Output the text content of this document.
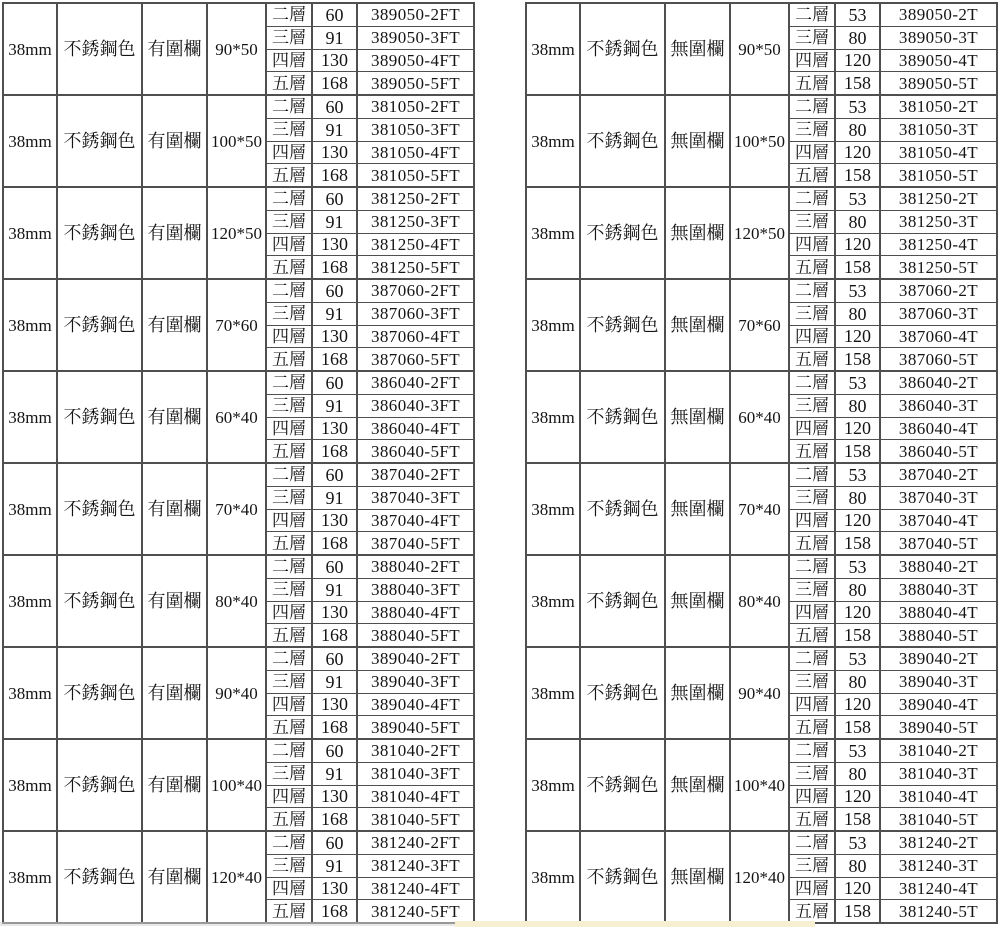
38mm 不銹鋼色 有圍欄 90*50
二層	60	389050-2FT
三層	91	389050-3FT
四層 130	389050-4FT
五層 168	389050-5FT
38mm 不銹鋼色 有圍欄 100*50
二層	60	381050-2FT
三層	91	381050-3FT
四層 130	381050-4FT
五層 168	381050-5FT
38mm 不銹鋼色 有圍欄 120*50
二層	60	381250-2FT
三層	91	381250-3FT
四層 130	381250-4FT
五層 168	381250-5FT
38mm 不銹鋼色 有圍欄 70*60
二層	60	387060-2FT
三層	91	387060-3FT
四層 130	387060-4FT
五層 168	387060-5FT
38mm 不銹鋼色 有圍欄 60*40
二層	60	386040-2FT
三層	91	386040-3FT
四層 130	386040-4FT
五層 168	386040-5FT
38mm 不銹鋼色 有圍欄 70*40
二層	60	387040-2FT
三層	91	387040-3FT
四層 130	387040-4FT
五層 168	387040-5FT
38mm 不銹鋼色 有圍欄 80*40
二層	60	388040-2FT
三層	91	388040-3FT
四層 130	388040-4FT
五層 168	388040-5FT
38mm 不銹鋼色 有圍欄 90*40
二層	60	389040-2FT
三層	91	389040-3FT
四層 130	389040-4FT
五層 168	389040-5FT
38mm 不銹鋼色 有圍欄 100*40
二層	60	381040-2FT
三層	91	381040-3FT
四層 130	381040-4FT
五層 168	381040-5FT
38mm 不銹鋼色 有圍欄 120*40
二層	60	381240-2FT
三層	91	381240-3FT
四層 130	381240-4FT
五層 168	381240-5FT
38mm 不銹鋼色 無圍欄 90*50
二層	53	389050-2T
三層	80	389050-3T
四層 120	389050-4T
五層 158	389050-5T
38mm 不銹鋼色 無圍欄 100*50
二層	53	381050-2T
三層	80	381050-3T
四層 120	381050-4T
五層 158	381050-5T
38mm 不銹鋼色 無圍欄 120*50
二層	53	381250-2T
三層	80	381250-3T
四層 120	381250-4T
五層 158	381250-5T
38mm 不銹鋼色 無圍欄 70*60
二層	53	387060-2T
三層	80	387060-3T
四層 120	387060-4T
五層 158	387060-5T
38mm 不銹鋼色 無圍欄 60*40
二層	53	386040-2T
三層	80	386040-3T
四層 120	386040-4T
五層 158	386040-5T
38mm 不銹鋼色 無圍欄 70*40
二層	53	387040-2T
三層	80	387040-3T
四層 120	387040-4T
五層 158	387040-5T
38mm 不銹鋼色 無圍欄 80*40
二層	53	388040-2T
三層	80	388040-3T
四層 120	388040-4T
五層 158	388040-5T
38mm 不銹鋼色 無圍欄 90*40
二層	53	389040-2T
三層	80	389040-3T
四層 120	389040-4T
五層 158	389040-5T
38mm 不銹鋼色 無圍欄 100*40
二層	53	381040-2T
三層	80	381040-3T
四層 120	381040-4T
五層 158	381040-5T
38mm 不銹鋼色 無圍欄 120*40
二層	53	381240-2T
三層	80	381240-3T
四層 120	381240-4T
五層 158	381240-5T
